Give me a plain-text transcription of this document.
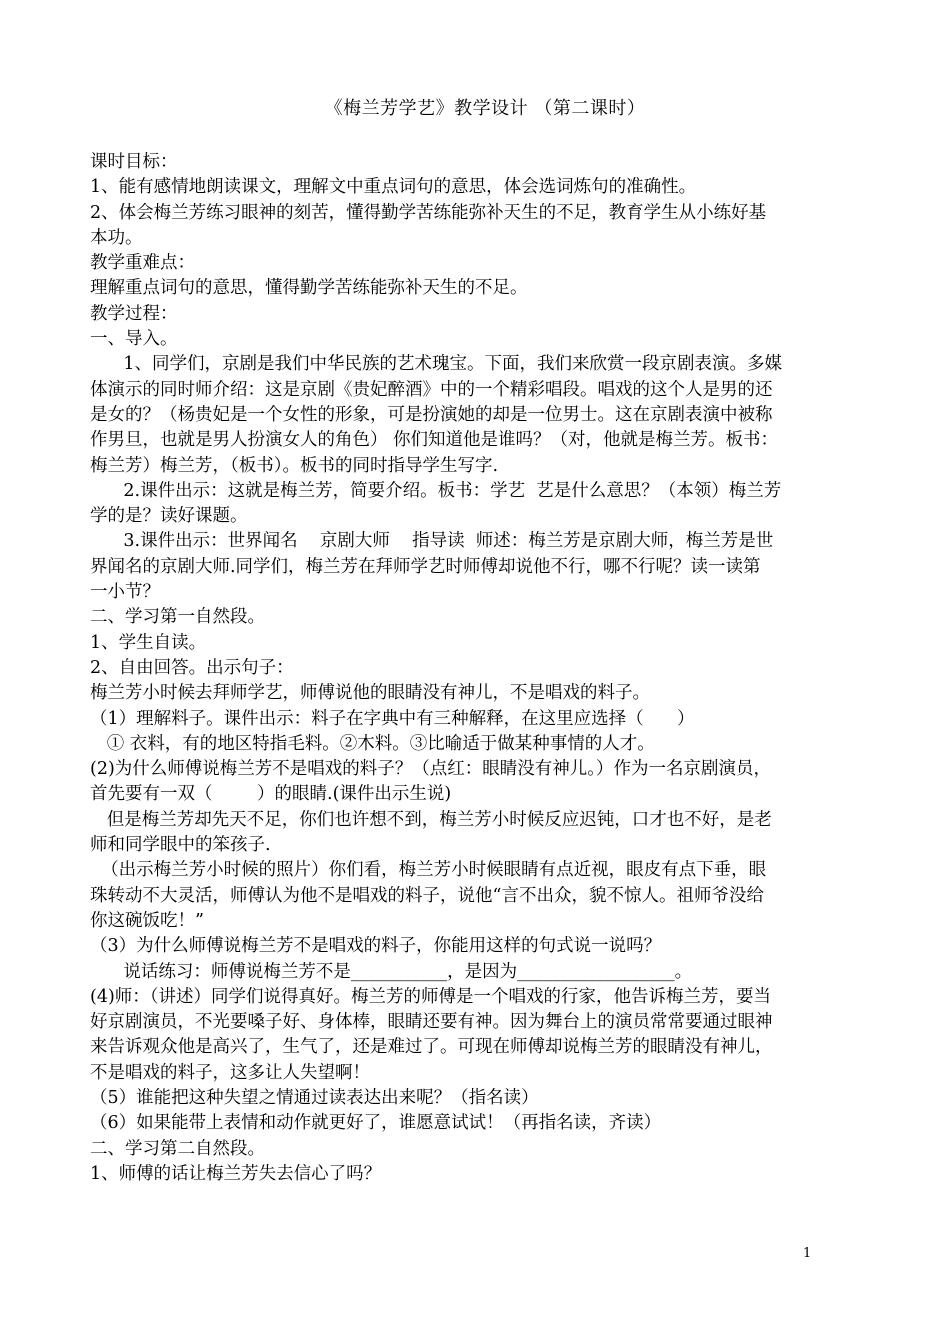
《梅兰芳学艺》教学设计 （第二课时）
课时目标：
1、能有感情地朗读课文，理解文中重点词句的意思，体会选词炼句的准确性。
2、体会梅兰芳练习眼神的刻苦，懂得勤学苦练能弥补天生的不足，教育学生从小练好基
本功。
教学重难点：
理解重点词句的意思，懂得勤学苦练能弥补天生的不足。
教学过程：
一、导入。
1、同学们，京剧是我们中华民族的艺术瑰宝。下面，我们来欣赏一段京剧表演。多媒
体演示的同时师介绍：这是京剧《贵妃醉酒》中的一个精彩唱段。唱戏的这个人是男的还
是女的？（杨贵妃是一个女性的形象，可是扮演她的却是一位男士。这在京剧表演中被称
作男旦，也就是男人扮演女人的角色） 你们知道他是谁吗？（对，他就是梅兰芳。板书：
梅兰芳）梅兰芳，（板书）。板书的同时指导学生写字.
2.课件出示：这就是梅兰芳，简要介绍。板书：学艺  艺是什么意思？（本领）梅兰芳
学的是？读好课题。
3.课件出示：世界闻名    京剧大师    指导读  师述：梅兰芳是京剧大师，梅兰芳是世
界闻名的京剧大师.同学们，梅兰芳在拜师学艺时师傅却说他不行，哪不行呢？读一读第
一小节？
二、学习第一自然段。
1、学生自读。
2、自由回答。出示句子：
梅兰芳小时候去拜师学艺，师傅说他的眼睛没有神儿，不是唱戏的料子。
（1）理解料子。课件出示：料子在字典中有三种解释，在这里应选择（      ）
① 衣料，有的地区特指毛料。②木料。③比喻适于做某种事情的人才。
(2)为什么师傅说梅兰芳不是唱戏的料子？（点红：眼睛没有神儿。）作为一名京剧演员，
首先要有一双（        ）的眼睛.(课件出示生说)
但是梅兰芳却先天不足，你们也许想不到，梅兰芳小时候反应迟钝，口才也不好，是老
师和同学眼中的笨孩子.
（出示梅兰芳小时候的照片）你们看，梅兰芳小时候眼睛有点近视，眼皮有点下垂，眼
珠转动不大灵活，师傅认为他不是唱戏的料子，说他“言不出众，貌不惊人。祖师爷没给
你这碗饭吃！”
（3）为什么师傅说梅兰芳不是唱戏的料子，你能用这样的句式说一说吗？
说话练习：师傅说梅兰芳不是___________，是因为__________________。
(4)师：（讲述）同学们说得真好。梅兰芳的师傅是一个唱戏的行家，他告诉梅兰芳，要当
好京剧演员，不光要嗓子好、身体棒，眼睛还要有神。因为舞台上的演员常常要通过眼神
来告诉观众他是高兴了，生气了，还是难过了。可现在师傅却说梅兰芳的眼睛没有神儿，
不是唱戏的料子，这多让人失望啊！
（5）谁能把这种失望之情通过读表达出来呢？（指名读）
（6）如果能带上表情和动作就更好了，谁愿意试试！（再指名读，齐读）
二、学习第二自然段。
1、师傅的话让梅兰芳失去信心了吗？
1
